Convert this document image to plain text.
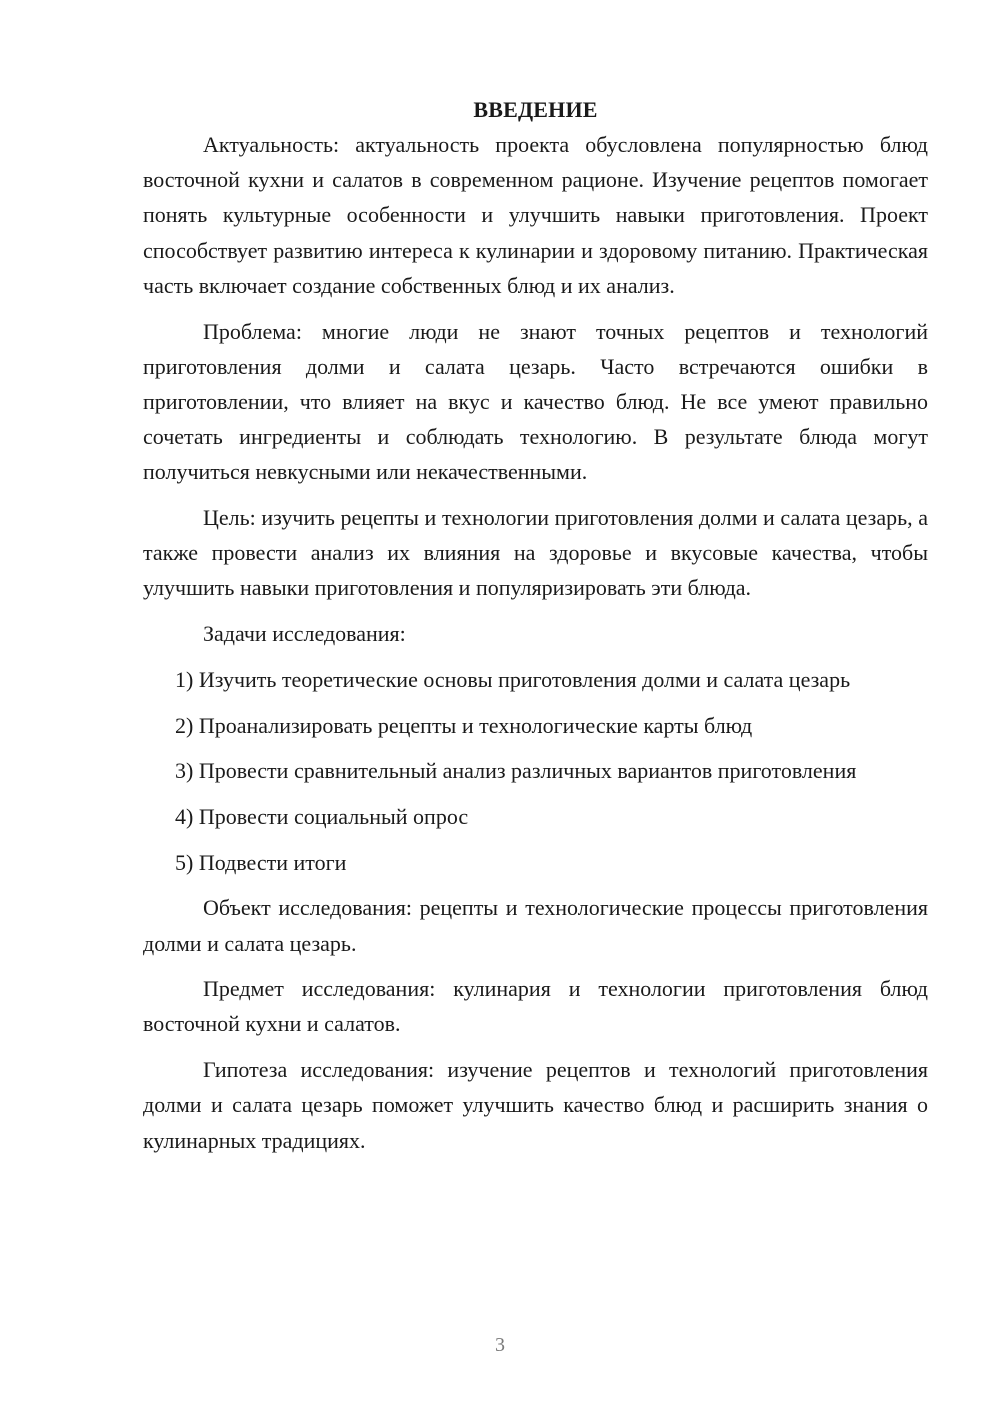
ВВЕДЕНИЕ

Актуальность: актуальность проекта обусловлена популярностью блюд восточной кухни и салатов в современном рационе. Изучение рецептов помогает понять культурные особенности и улучшить навыки приготовления. Проект способствует развитию интереса к кулинарии и здоровому питанию. Практическая часть включает создание собственных блюд и их анализ.

Проблема: многие люди не знают точных рецептов и технологий приготовления долми и салата цезарь. Часто встречаются ошибки в приготовлении, что влияет на вкус и качество блюд. Не все умеют правильно сочетать ингредиенты и соблюдать технологию. В результате блюда могут получиться невкусными или некачественными.

Цель: изучить рецепты и технологии приготовления долми и салата цезарь, а также провести анализ их влияния на здоровье и вкусовые качества, чтобы улучшить навыки приготовления и популяризировать эти блюда.

Задачи исследования:

1) Изучить теоретические основы приготовления долми и салата цезарь

2) Проанализировать рецепты и технологические карты блюд

3) Провести сравнительный анализ различных вариантов приготовления

4) Провести социальный опрос

5) Подвести итоги

Объект исследования: рецепты и технологические процессы приготовления долми и салата цезарь.

Предмет исследования: кулинария и технологии приготовления блюд восточной кухни и салатов.

Гипотеза исследования: изучение рецептов и технологий приготовления долми и салата цезарь поможет улучшить качество блюд и расширить знания о кулинарных традициях.

3
